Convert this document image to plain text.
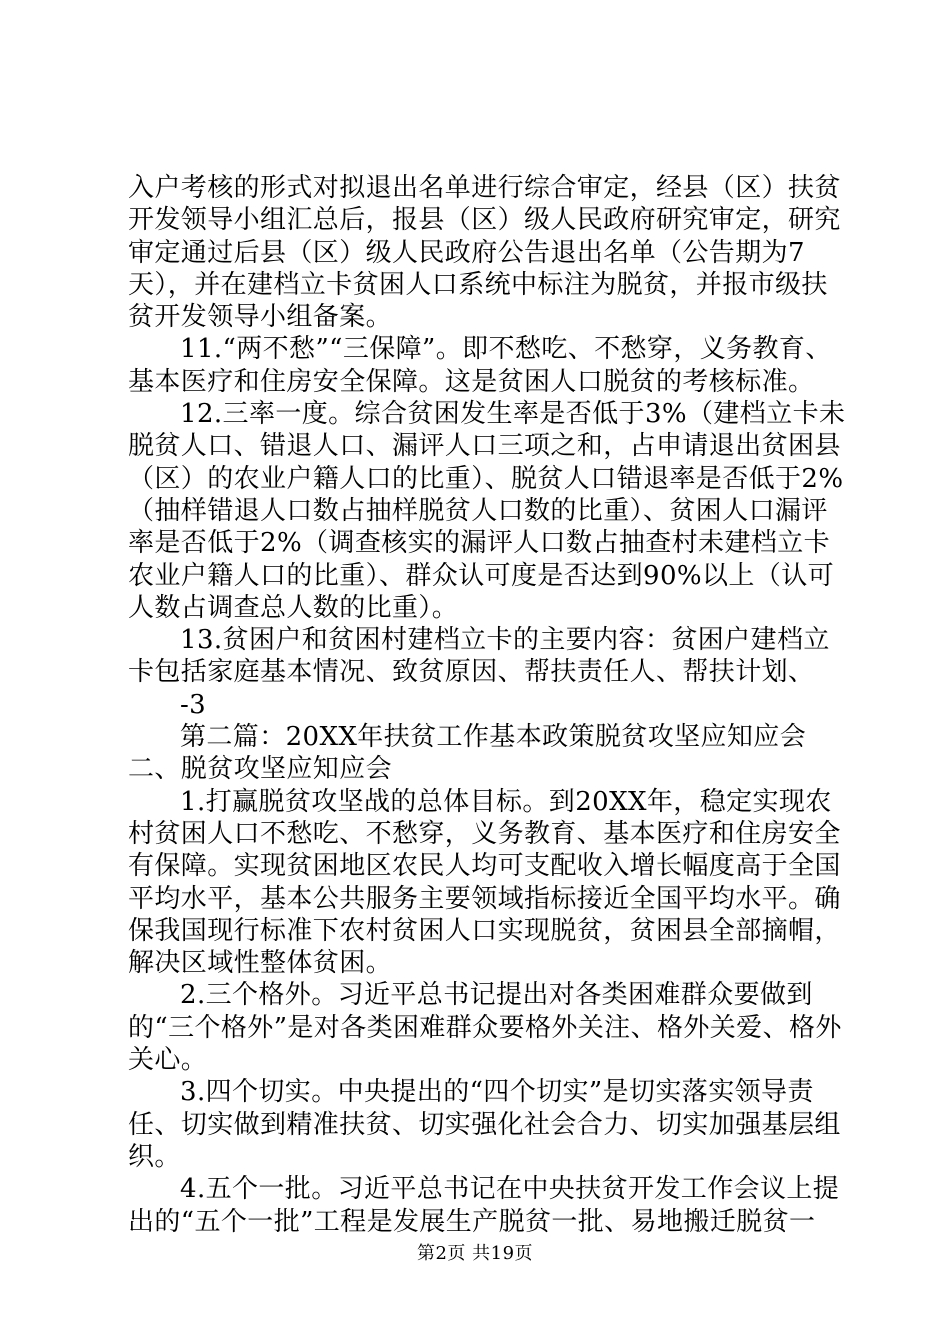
入户考核的形式对拟退出名单进行综合审定，经县（区）扶贫开发领导小组汇总后，报县（区）级人民政府研究审定，研究审定通过后县（区）级人民政府公告退出名单（公告期为7天），并在建档立卡贫困人口系统中标注为脱贫，并报市级扶贫开发领导小组备案。

11.“两不愁”“三保障”。即不愁吃、不愁穿，义务教育、基本医疗和住房安全保障。这是贫困人口脱贫的考核标准。

12.三率一度。综合贫困发生率是否低于3%（建档立卡未脱贫人口、错退人口、漏评人口三项之和，占申请退出贫困县（区）的农业户籍人口的比重）、脱贫人口错退率是否低于2%（抽样错退人口数占抽样脱贫人口数的比重）、贫困人口漏评率是否低于2%（调查核实的漏评人口数占抽查村未建档立卡农业户籍人口的比重）、群众认可度是否达到90%以上（认可人数占调查总人数的比重）。

13.贫困户和贫困村建档立卡的主要内容：贫困户建档立卡包括家庭基本情况、致贫原因、帮扶责任人、帮扶计划、

-3

第二篇：20XX年扶贫工作基本政策脱贫攻坚应知应会二、脱贫攻坚应知应会

1.打赢脱贫攻坚战的总体目标。到20XX年，稳定实现农村贫困人口不愁吃、不愁穿，义务教育、基本医疗和住房安全有保障。实现贫困地区农民人均可支配收入增长幅度高于全国平均水平，基本公共服务主要领域指标接近全国平均水平。确保我国现行标准下农村贫困人口实现脱贫，贫困县全部摘帽，解决区域性整体贫困。

2.三个格外。习近平总书记提出对各类困难群众要做到的“三个格外”是对各类困难群众要格外关注、格外关爱、格外关心。

3.四个切实。中央提出的“四个切实”是切实落实领导责任、切实做到精准扶贫、切实强化社会合力、切实加强基层组织。

4.五个一批。习近平总书记在中央扶贫开发工作会议上提出的“五个一批”工程是发展生产脱贫一批、易地搬迁脱贫一

第2页 共19页
